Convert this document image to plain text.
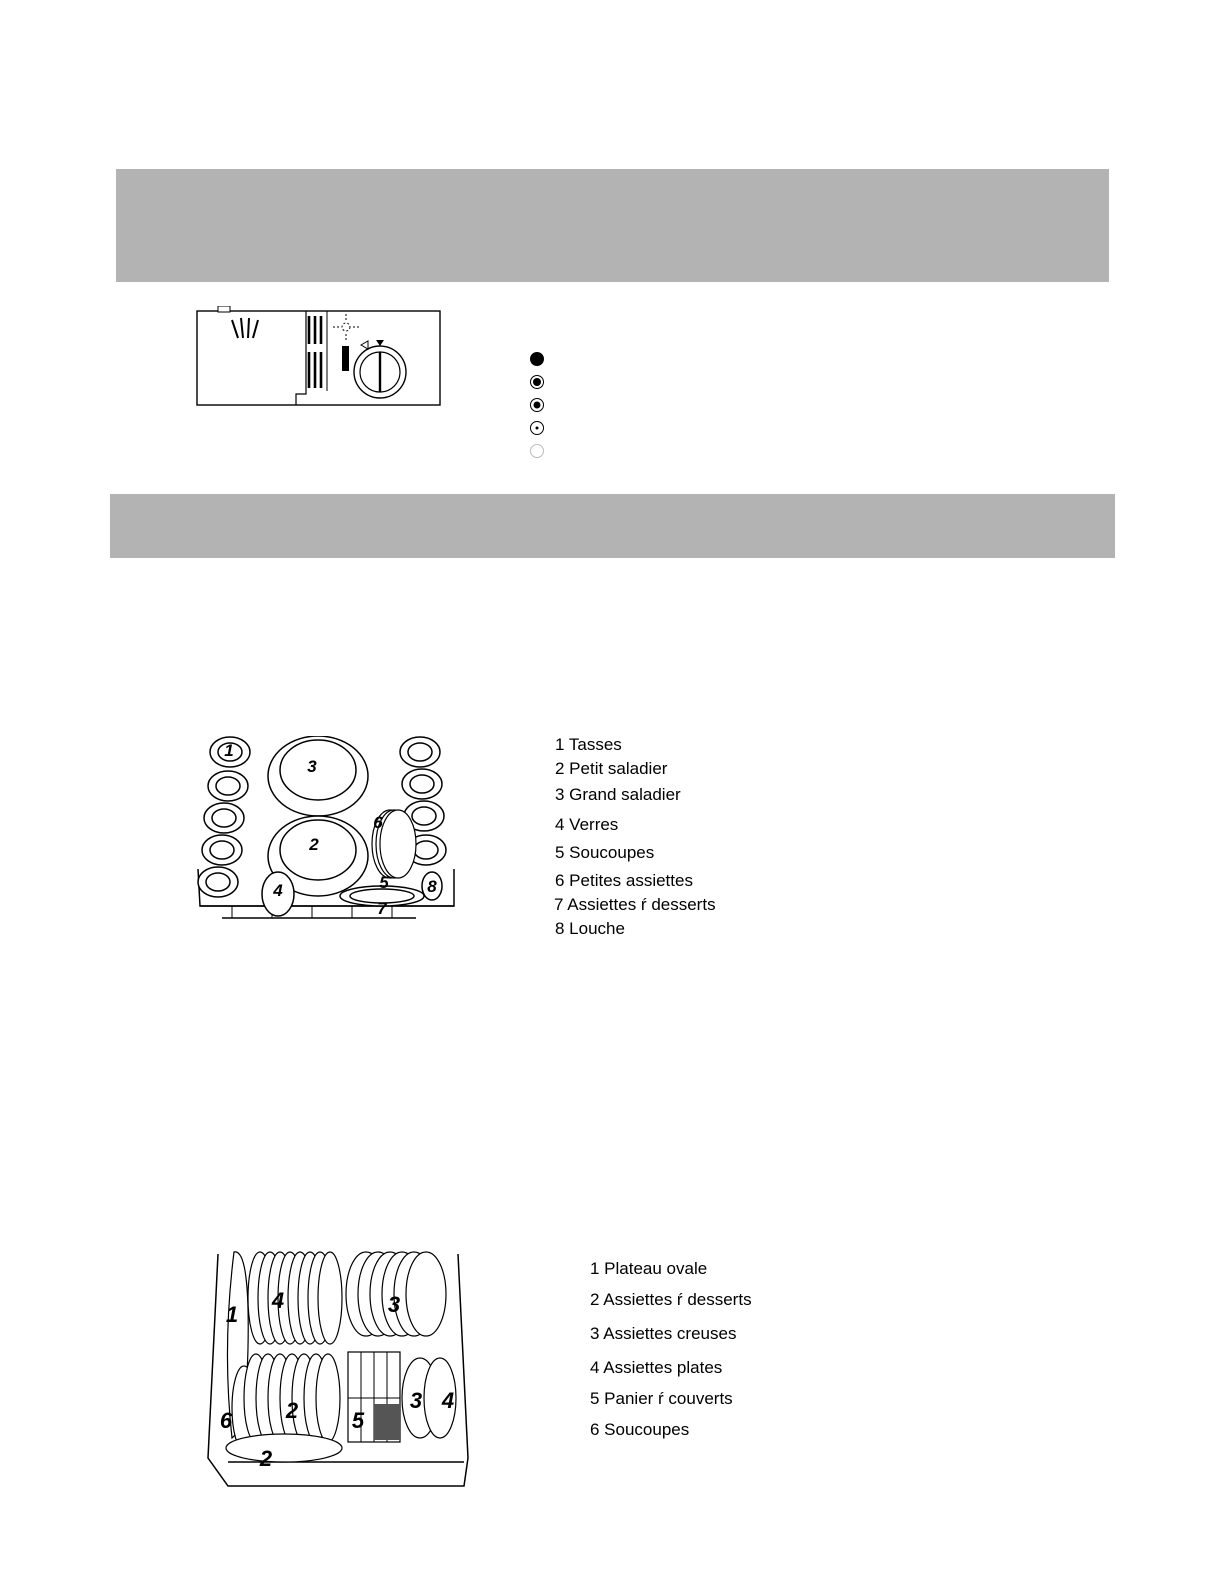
1
3
6
2
5
4	8
7
1 Tasses
2 Petit saladier
3 Grand saladier
4 Verres
5 Soucoupes
6 Petites assiettes
7 Assiettes ŕ desserts
8 Louche
1
4	3
2
6	5
3 4
2
1 Plateau ovale
2 Assiettes ŕ desserts
3 Assiettes creuses
4 Assiettes plates
5 Panier ŕ couverts
6 Soucoupes
